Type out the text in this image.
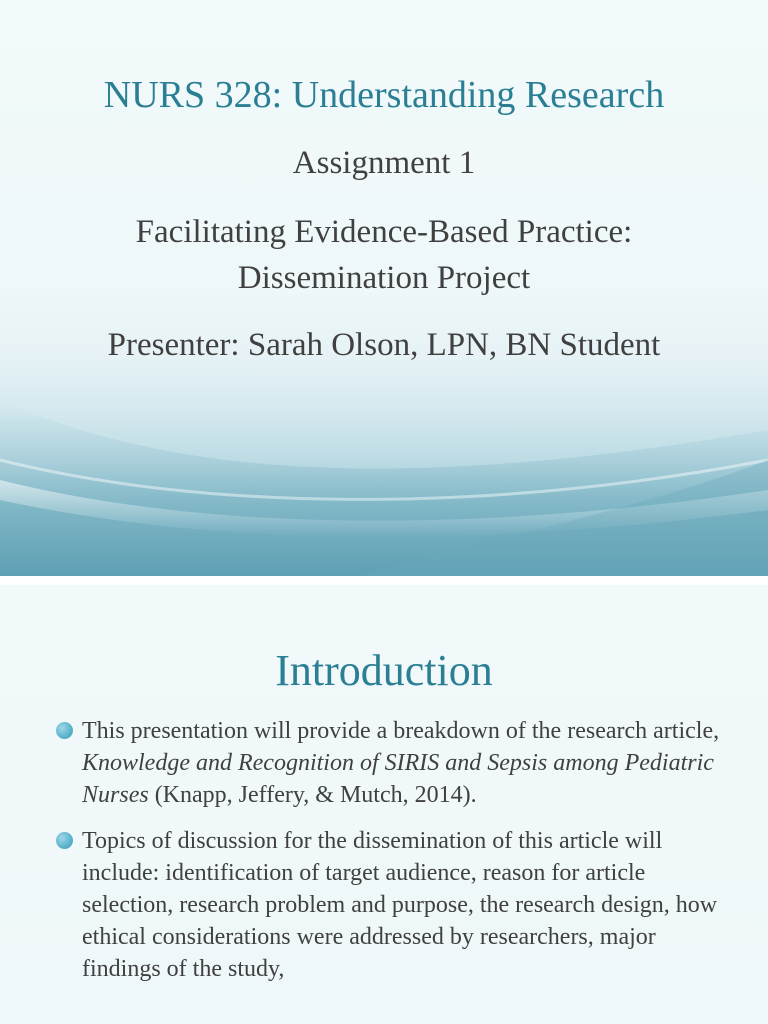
NURS 328: Understanding Research

Assignment 1

Facilitating Evidence-Based Practice:

Dissemination Project

Presenter: Sarah Olson, LPN, BN Student

Introduction
This presentation will provide a breakdown of the research article, Knowledge and Recognition of SIRIS and Sepsis among Pediatric Nurses (Knapp, Jeffery, & Mutch, 2014).
Topics of discussion for the dissemination of this article will include: identification of target audience, reason for article selection, research problem and purpose, the research design, how ethical considerations were addressed by researchers, major findings of the study,
